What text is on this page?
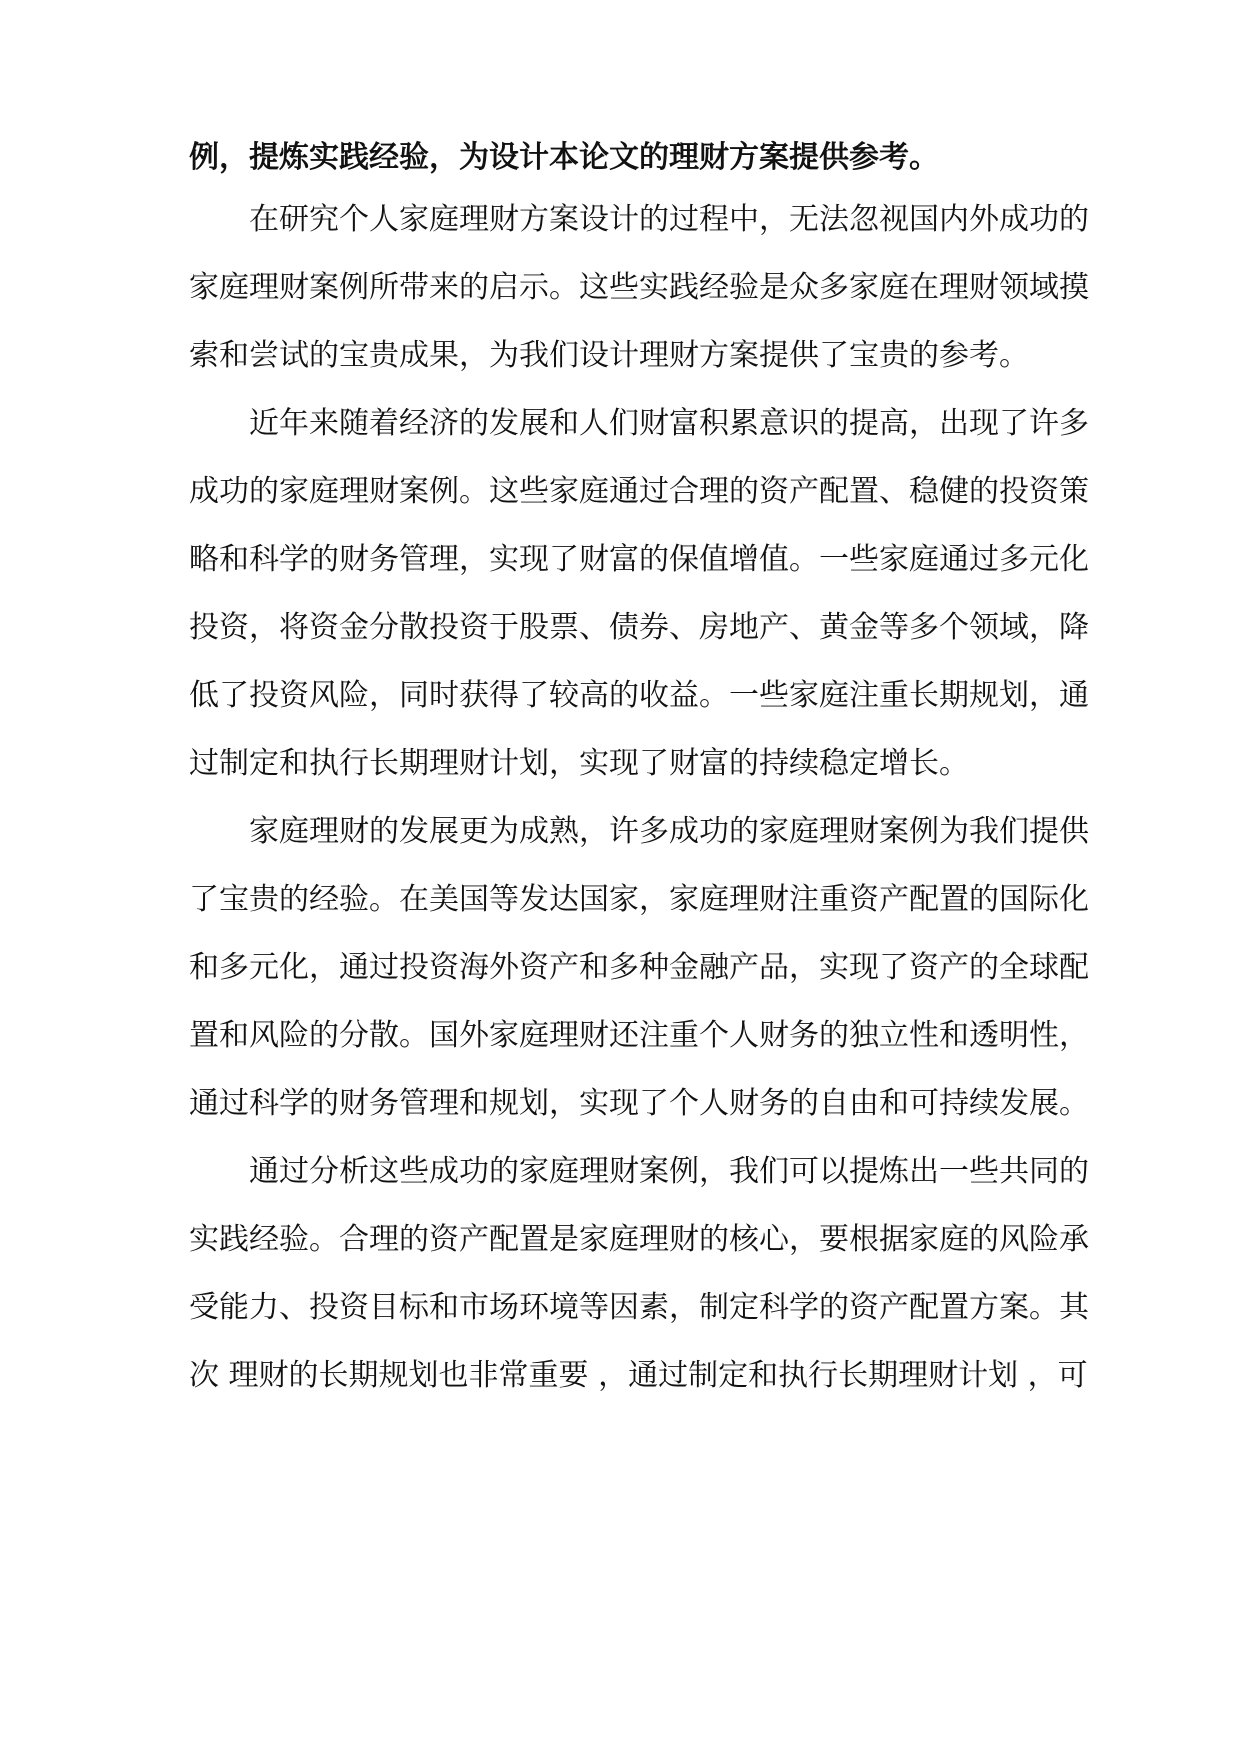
例，提炼实践经验，为设计本论文的理财方案提供参考。

在研究个人家庭理财方案设计的过程中，无法忽视国内外成功的

家庭理财案例所带来的启示。这些实践经验是众多家庭在理财领域摸

索和尝试的宝贵成果，为我们设计理财方案提供了宝贵的参考。

近年来随着经济的发展和人们财富积累意识的提高，出现了许多

成功的家庭理财案例。这些家庭通过合理的资产配置、稳健的投资策

略和科学的财务管理，实现了财富的保值增值。一些家庭通过多元化

投资，将资金分散投资于股票、债券、房地产、黄金等多个领域，降

低了投资风险，同时获得了较高的收益。一些家庭注重长期规划，通

过制定和执行长期理财计划，实现了财富的持续稳定增长。

家庭理财的发展更为成熟，许多成功的家庭理财案例为我们提供

了宝贵的经验。在美国等发达国家，家庭理财注重资产配置的国际化

和多元化，通过投资海外资产和多种金融产品，实现了资产的全球配

置和风险的分散。国外家庭理财还注重个人财务的独立性和透明性，

通过科学的财务管理和规划，实现了个人财务的自由和可持续发展。

通过分析这些成功的家庭理财案例，我们可以提炼出一些共同的

实践经验。合理的资产配置是家庭理财的核心，要根据家庭的风险承

受能力、投资目标和市场环境等因素，制定科学的资产配置方案。其

次 理财的长期规划也非常重要 ，通过制定和执行长期理财计划 ，可
